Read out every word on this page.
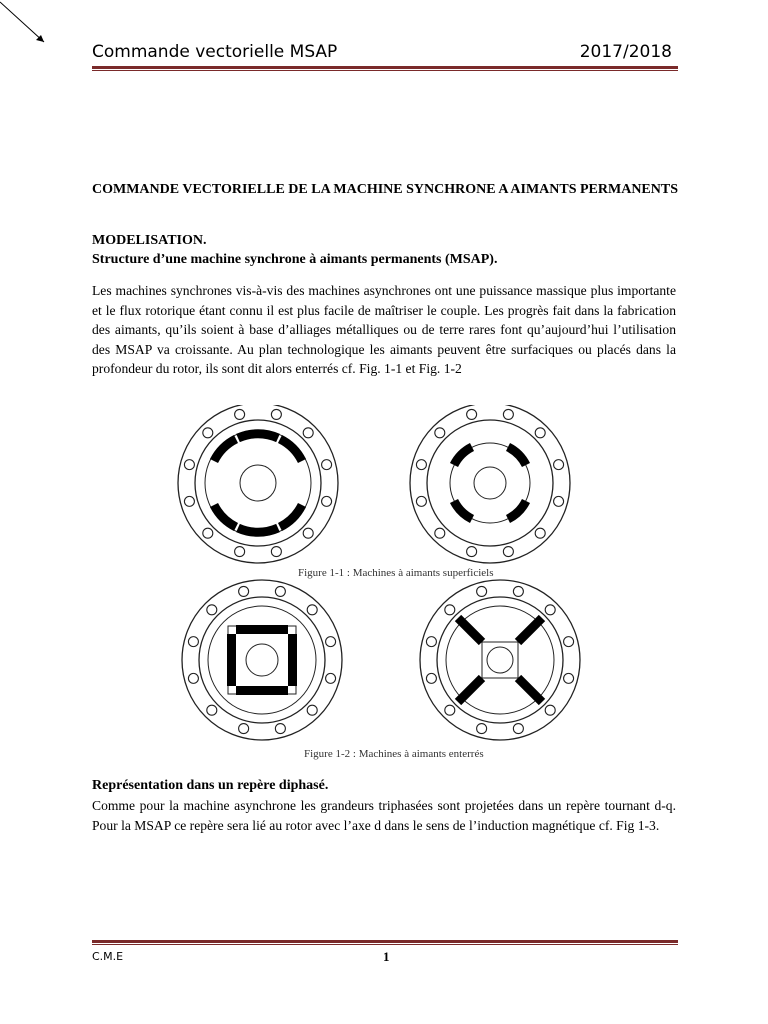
Commande vectorielle MSAP	2017/2018
COMMANDE VECTORIELLE DE LA MACHINE SYNCHRONE A AIMANTS PERMANENTS
MODELISATION.
Structure d’une machine synchrone à aimants permanents (MSAP).

Les machines synchrones vis-à-vis des machines asynchrones ont une puissance massique plus importante et le flux rotorique étant connu il est plus facile de maîtriser le couple. Les progrès fait dans la fabrication des aimants, qu’ils soient à base d’alliages métalliques ou de terre rares font qu’aujourd’hui l’utilisation des MSAP va croissante. Au plan technologique les aimants peuvent être surfaciques ou placés dans la profondeur du rotor, ils sont dit alors enterrés cf. Fig. 1-1 et Fig. 1-2

Figure 1-1 : Machines à aimants superficiels
Figure 1-2 : Machines à aimants enterrés
Représentation dans un repère diphasé.

Comme pour la machine asynchrone les grandeurs triphasées sont projetées dans un repère tournant d-q. Pour la MSAP ce repère sera lié au rotor avec l’axe d dans le sens de l’induction magnétique cf. Fig 1-3.

C.M.E	1
